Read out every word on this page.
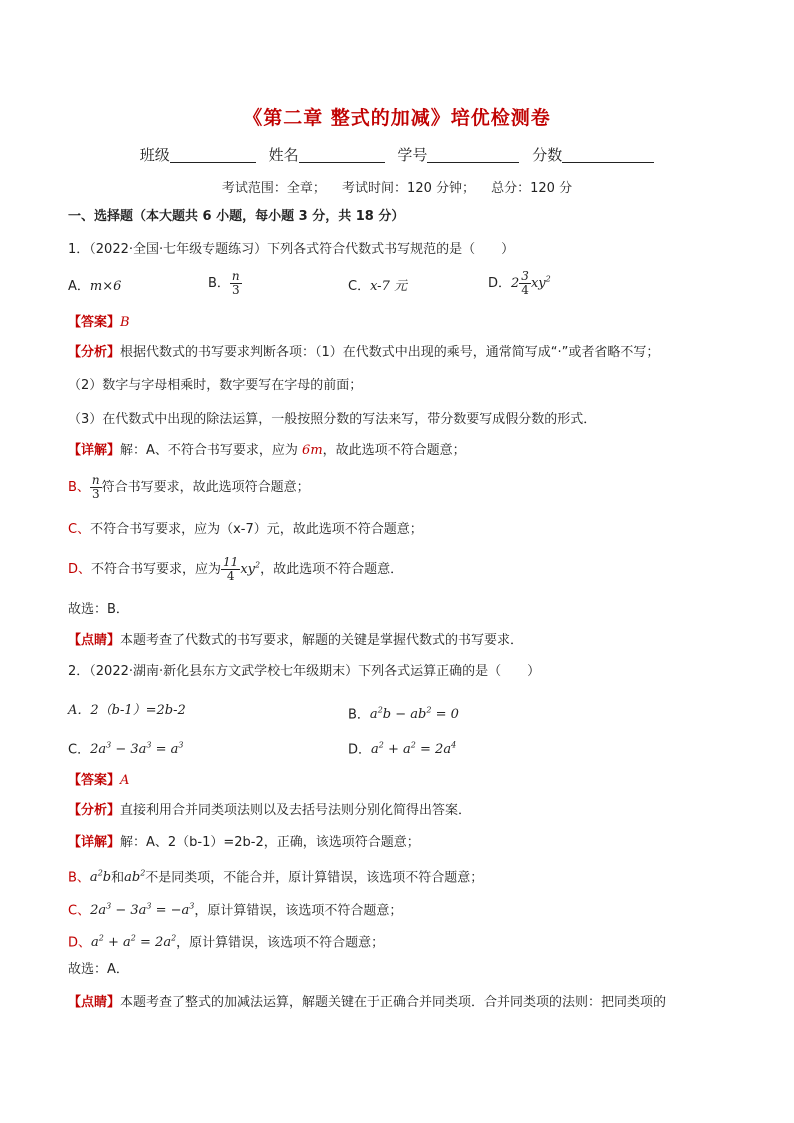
《第二章 整式的加减》培优检测卷
班级	姓名	学号	分数
考试范围：全章； 考试时间：120 分钟； 总分：120 分
一、选择题（本大题共 6 小题，每小题 3 分，共 18 分）
1．（2022·全国·七年级专题练习）下列各式符合代数式书写规范的是（　　）
A．m×6	B． $\frac{n}{3}$	C．x-7 元	D．$2 \frac{3}{4} xy^2$
【答案】B
【分析】根据代数式的书写要求判断各项：（1）在代数式中出现的乘号，通常简写成“·”或者省略不写；
（2）数字与字母相乘时，数字要写在字母的前面；
（3）在代数式中出现的除法运算，一般按照分数的写法来写，带分数要写成假分数的形式．
【详解】解：A、不符合书写要求，应为 6m，故此选项不符合题意；
B、 $\frac{n}{3}$ 符合书写要求，故此选项符合题意；
C、不符合书写要求，应为（x-7）元，故此选项不符合题意；
D、不符合书写要求，应为 $\frac{11}{4} xy^2$，故此选项不符合题意．
故选：B．
【点睛】本题考查了代数式的书写要求，解题的关键是掌握代数式的书写要求．
2．（2022·湖南·新化县东方文武学校七年级期末）下列各式运算正确的是（　　）
A．2（b-1）=2b-2	B．$a^2b - ab^2 = 0$
C．$2a^3 - 3a^3 = a^3$	D．$a^2 + a^2 = 2a^4$
【答案】A
【分析】直接利用合并同类项法则以及去括号法则分别化简得出答案．
【详解】解：A、2（b-1）=2b-2，正确，该选项符合题意；
B、$a^2b$和$ab^2$不是同类项，不能合并，原计算错误，该选项不符合题意；
C、$2a^3 - 3a^3 = -a^3$，原计算错误，该选项不符合题意；
D、$a^2 + a^2 = 2a^2$，原计算错误，该选项不符合题意；
故选：A．
【点睛】本题考查了整式的加减法运算，解题关键在于正确合并同类项．合并同类项的法则：把同类项的
